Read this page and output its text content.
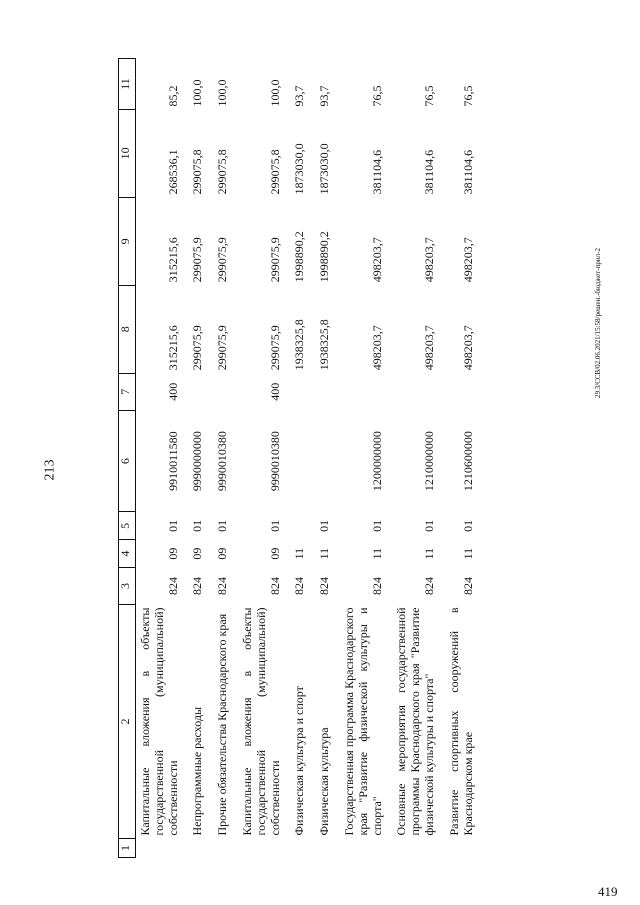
213
419
29.3/ССВ/02.06.2021/15:58/решен.-бюджет-прил-2
1	2	3	4	5	6	7	8	9	10	11
	Капитальные вложения в объекты государственной (муниципальной) собственности	824	09	01	9910011580	400	315215,6	315215,6	268536,1	85,2
	Непрограммные расходы	824	09	01	9990000000		299075,9	299075,9	299075,8	100,0
	Прочие обязательства Краснодарского края	824	09	01	9990010380		299075,9	299075,9	299075,8	100,0
	Капитальные вложения в объекты государственной (муниципальной) собственности	824	09	01	9990010380	400	299075,9	299075,9	299075,8	100,0
	Физическая культура и спорт	824	11				1938325,8	1998890,2	1873030,0	93,7
	Физическая культура	824	11	01			1938325,8	1998890,2	1873030,0	93,7
	Государственная программа Краснодарского края "Развитие физической культуры и спорта"	824	11	01	1200000000		498203,7	498203,7	381104,6	76,5
	Основные мероприятия государственной программы Краснодарского края "Развитие физической культуры и спорта"	824	11	01	1210000000		498203,7	498203,7	381104,6	76,5
	Развитие спортивных сооружений в Краснодарском крае	824	11	01	1210600000		498203,7	498203,7	381104,6	76,5
